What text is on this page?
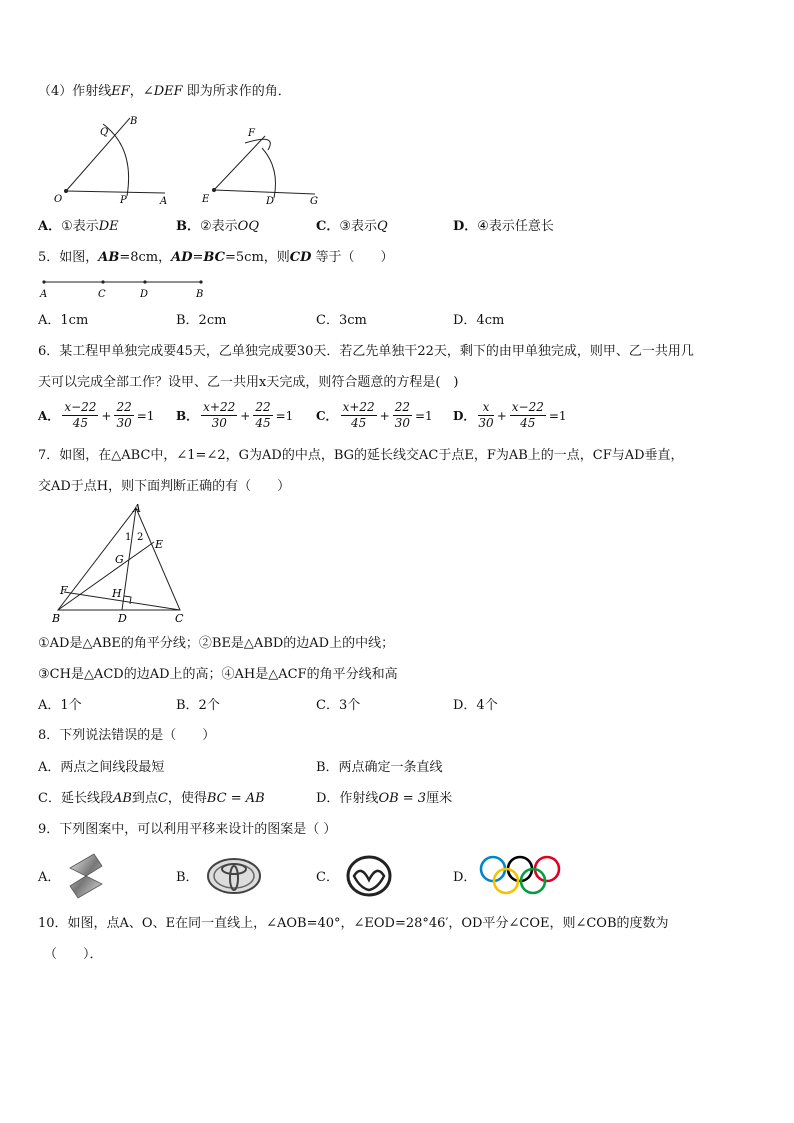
（4）作射线EF，∠DEF 即为所求作的角．
O
Q
B
P	A	E
F
D	G
A．①表示DE	B．②表示OQ	C．③表示Q	D．④表示任意长
5．如图，AB=8cm，AD=BC=5cm，则CD 等于（　　）
A	C	D	B
A．1cm	B．2cm	C．3cm	D．4cm
6．某工程甲单独完成要45天，乙单独完成要30天．若乙先单独干22天，剩下的由甲单独完成，则甲、乙一共用几
天可以完成全部工作？设甲、乙一共用x天完成，则符合题意的方程是(　)
A． $\frac{x-22}{45} + \frac{22}{30} =1$ B． $\frac{x+22}{30} + \frac{22}{45} =1$ C． $\frac{x+22}{45} + \frac{22}{30} =1$ D． $\frac{x}{30} + \frac{x-22}{45} =1$
7．如图，在△ABC中，∠1=∠2，G为AD的中点，BG的延长线交AC于点E，F为AB上的一点，CF与AD垂直，
交AD于点H，则下面判断正确的有（　　）
A
1 2
E
G
F	H
B	D	C
①AD是△ABE的角平分线；②BE是△ABD的边AD上的中线；
③CH是△ACD的边AD上的高；④AH是△ACF的角平分线和高
A．1个	B．2个	C．3个	D．4个
8．下列说法错误的是（　　）
A．两点之间线段最短	B．两点确定一条直线
C．延长线段AB到点C，使得BC = AB	D．作射线OB = 3厘米
9．下列图案中，可以利用平移来设计的图案是（ ）
A．	B．	C．	D．
10．如图，点A、O、E在同一直线上，∠AOB=40°，∠EOD=28°46′，OD平分∠COE，则∠COB的度数为
（　　）．
